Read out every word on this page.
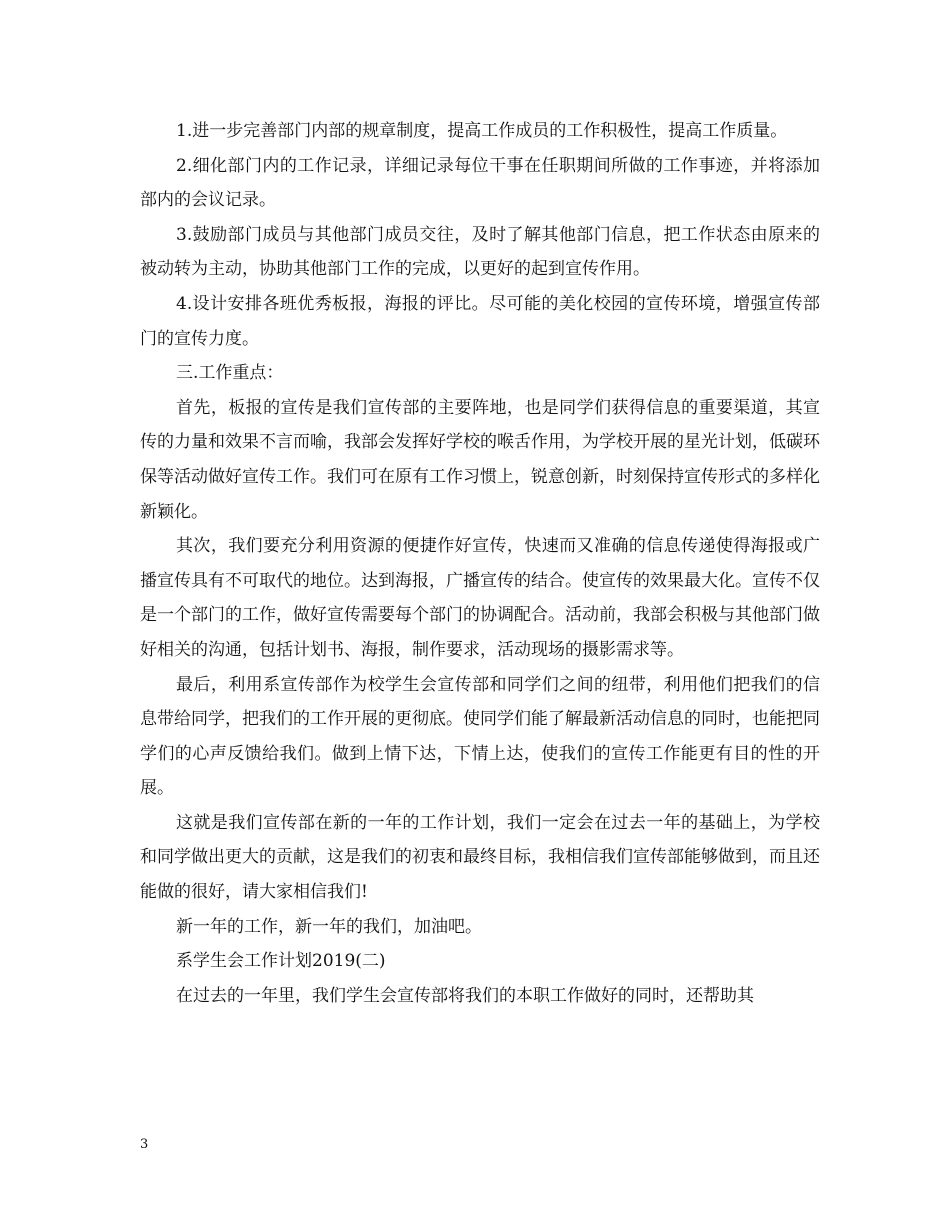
1.进一步完善部门内部的规章制度，提高工作成员的工作积极性，提高工作质量。

2.细化部门内的工作记录，详细记录每位干事在任职期间所做的工作事迹，并将添加部内的会议记录。

3.鼓励部门成员与其他部门成员交往，及时了解其他部门信息，把工作状态由原来的被动转为主动，协助其他部门工作的完成，以更好的起到宣传作用。

4.设计安排各班优秀板报，海报的评比。尽可能的美化校园的宣传环境，增强宣传部门的宣传力度。

三.工作重点：

首先，板报的宣传是我们宣传部的主要阵地，也是同学们获得信息的重要渠道，其宣传的力量和效果不言而喻，我部会发挥好学校的喉舌作用，为学校开展的星光计划，低碳环保等活动做好宣传工作。我们可在原有工作习惯上，锐意创新，时刻保持宣传形式的多样化新颖化。

其次，我们要充分利用资源的便捷作好宣传，快速而又准确的信息传递使得海报或广播宣传具有不可取代的地位。达到海报，广播宣传的结合。使宣传的效果最大化。宣传不仅是一个部门的工作，做好宣传需要每个部门的协调配合。活动前，我部会积极与其他部门做好相关的沟通，包括计划书、海报，制作要求，活动现场的摄影需求等。

最后，利用系宣传部作为校学生会宣传部和同学们之间的纽带，利用他们把我们的信息带给同学，把我们的工作开展的更彻底。使同学们能了解最新活动信息的同时，也能把同学们的心声反馈给我们。做到上情下达，下情上达，使我们的宣传工作能更有目的性的开展。

这就是我们宣传部在新的一年的工作计划，我们一定会在过去一年的基础上，为学校和同学做出更大的贡献，这是我们的初衷和最终目标，我相信我们宣传部能够做到，而且还能做的很好，请大家相信我们!

新一年的工作，新一年的我们，加油吧。

系学生会工作计划2019(二)

在过去的一年里，我们学生会宣传部将我们的本职工作做好的同时，还帮助其

3
